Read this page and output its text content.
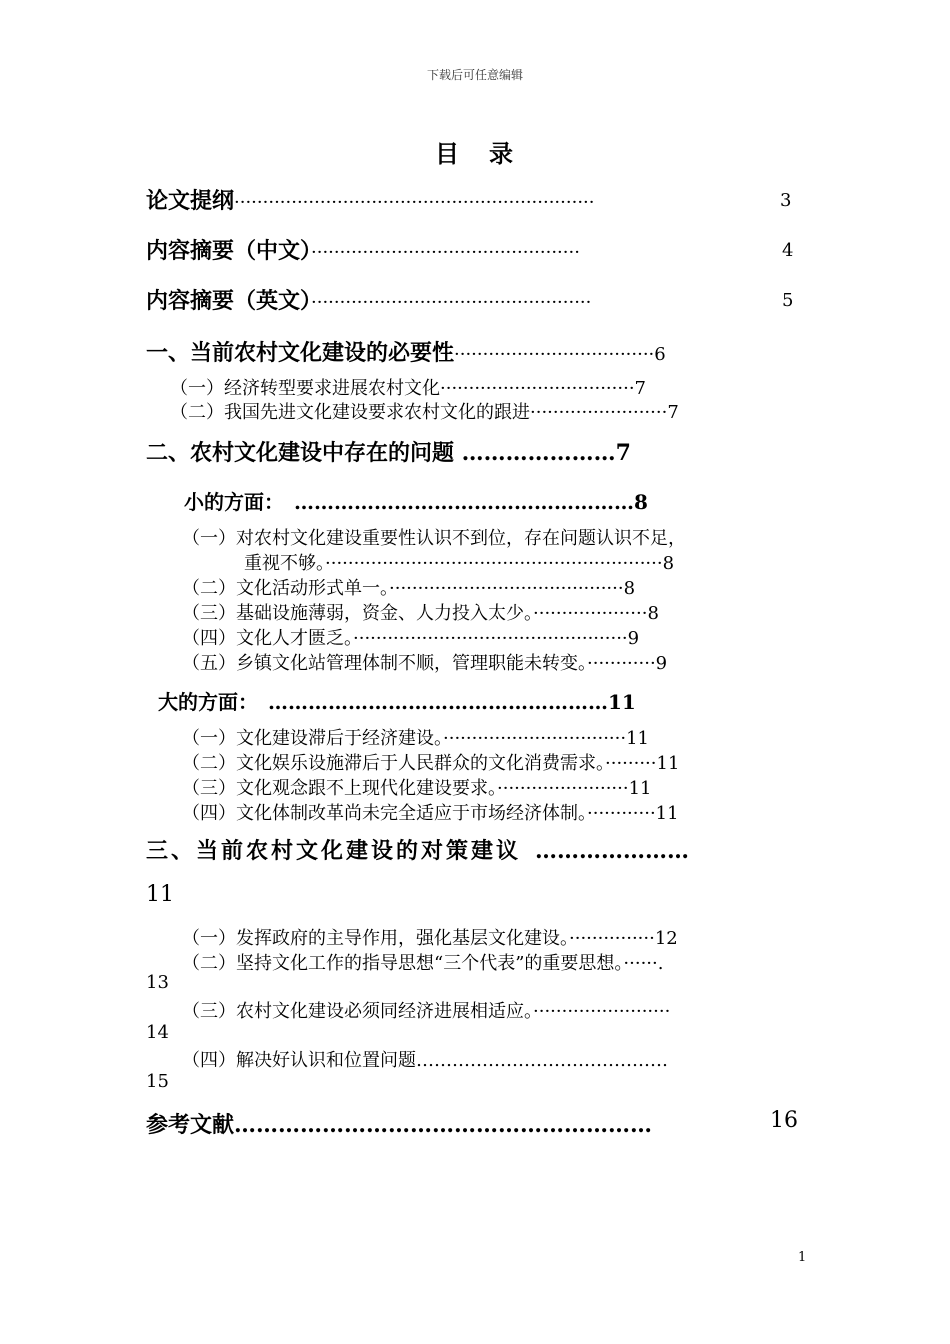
下载后可任意编辑
目 录
论文提纲·······························································	3
内容摘要（中文）···············································	4
内容摘要（英文）·················································	5
一、当前农村文化建设的必要性···································6
（一）经济转型要求进展农村文化··································7
（二）我国先进文化建设要求农村文化的跟进························7
二、农村文化建设中存在的问题 …………………7
小的方面： ……………………………………………8
（一）对农村文化建设重要性认识不到位，存在问题认识不足，
重视不够。···························································8
（二）文化活动形式单一。·········································8
（三）基础设施薄弱，资金、人力投入太少。····················8
（四）文化人才匮乏。················································9
（五）乡镇文化站管理体制不顺，管理职能未转变。············9
大的方面： ……………………………………………11
（一）文化建设滞后于经济建设。································11
（二）文化娱乐设施滞后于人民群众的文化消费需求。·········11
（三）文化观念跟不上现代化建设要求。·······················11
（四）文化体制改革尚未完全适应于市场经济体制。············11
三、当前农村文化建设的对策建议 …………………
11
（一）发挥政府的主导作用，强化基层文化建设。···············12
（二）坚持文化工作的指导思想“三个代表”的重要思想。······.
13
（三）农村文化建设必须同经济进展相适应。························
14
（四）解决好认识和位置问题……………………………………
15
参考文献…………………………………………………	16
1
